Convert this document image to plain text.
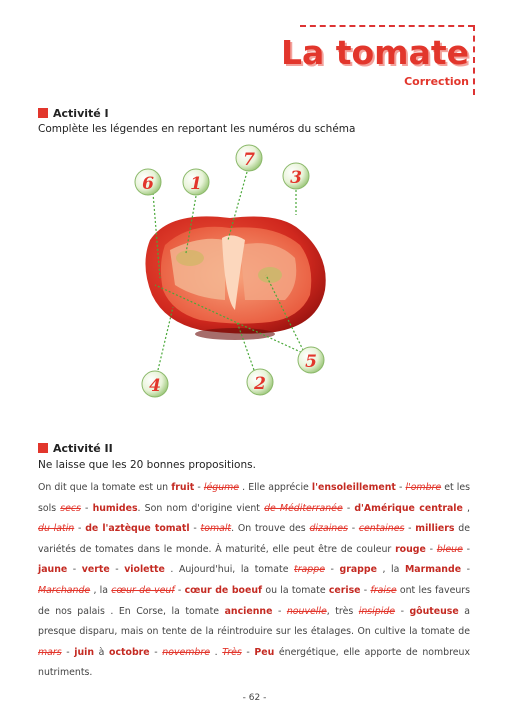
La tomate
Correction
Activité I
Complète les légendes en reportant les numéros du schéma
6 1
7
3
5
4	2
Activité II
Ne laisse que les 20 bonnes propositions.
On dit que la tomate est un fruit - légume . Elle apprécie l'ensoleillement - l'ombre et les sols secs - humides. Son nom d'origine vient de Méditerranée - d'Amérique centrale , du latin - de l'aztèque tomatl - tomalt. On trouve des dizaines - centaines - milliers de variétés de tomates dans le monde. À maturité, elle peut être de couleur rouge - bleue - jaune - verte - violette . Aujourd'hui, la tomate trappe - grappe , la Marmande - Marchande , la cœur de veuf - cœur de boeuf ou la tomate cerise - fraise ont les faveurs de nos palais . En Corse, la tomate ancienne - nouvelle, très insipide - gôuteuse a presque disparu, mais on tente de la réintroduire sur les étalages. On cultive la tomate de mars - juin à octobre - novembre . Très - Peu énergétique, elle apporte de nombreux nutriments.
- 62 -
